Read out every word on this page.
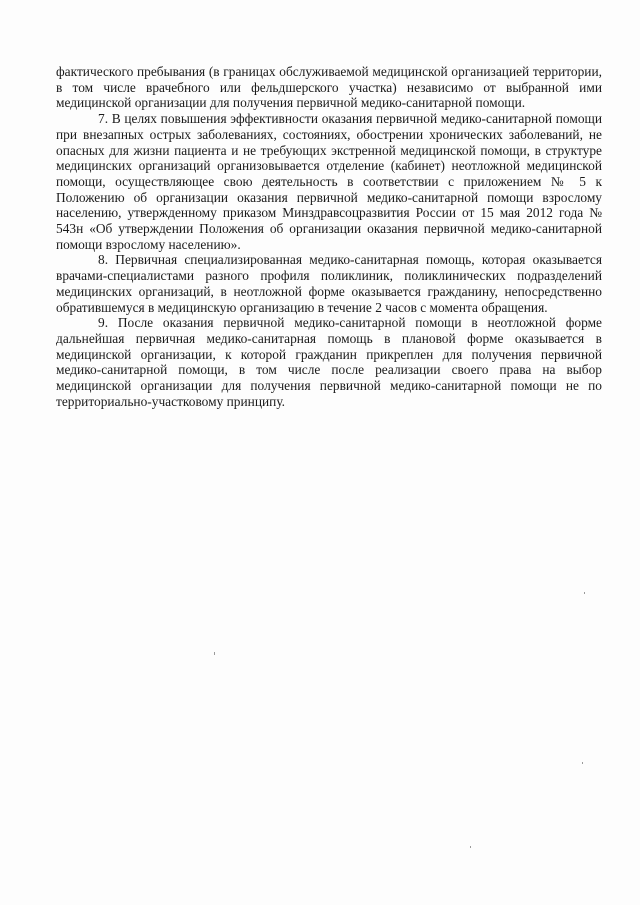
фактического пребывания (в границах обслуживаемой медицинской организацией территории, в том числе врачебного или фельдшерского участка) независимо от выбранной ими медицинской организации для получения первичной медико-санитарной помощи.

7. В целях повышения эффективности оказания первичной медико-санитарной помощи при внезапных острых заболеваниях, состояниях, обострении хронических заболеваний, не опасных для жизни пациента и не требующих экстренной медицинской помощи, в структуре медицинских организаций организовывается отделение (кабинет) неотложной медицинской помощи, осуществляющее свою деятельность в соответствии с приложением № 5 к Положению об организации оказания первичной медико-санитарной помощи взрослому населению, утвержденному приказом Минздравсоцразвития России от 15 мая 2012 года № 543н «Об утверждении Положения об организации оказания первичной медико-санитарной помощи взрослому населению».

8. Первичная специализированная медико-санитарная помощь, которая оказывается врачами-специалистами разного профиля поликлиник, поликлинических подразделений медицинских организаций, в неотложной форме оказывается гражданину, непосредственно обратившемуся в медицинскую организацию в течение 2 часов с момента обращения.

9. После оказания первичной медико-санитарной помощи в неотложной форме дальнейшая первичная медико-санитарная помощь в плановой форме оказывается в медицинской организации, к которой гражданин прикреплен для получения первичной медико-санитарной помощи, в том числе после реализации своего права на выбор медицинской организации для получения первичной медико-санитарной помощи не по территориально-участковому принципу.
